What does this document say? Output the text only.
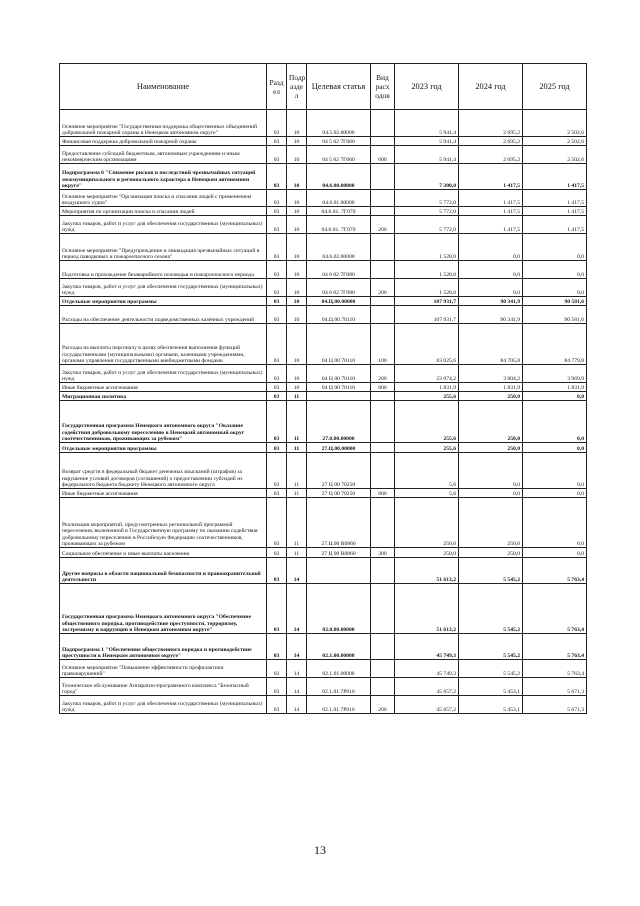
Наименование	Разд ел	Подр азде л	Целевая статья	Вид расх одов	2023 год	2024 год	2025 год
Основное мероприятие "Государственная поддержка общественных объединений добровольной пожарной охраны в Ненецком автономном округе"	03	10	04.5.02.00000		5 941,4	2 695,2	2 502,6
Финансовая поддержка добровольной пожарной охраны	03	10	04 5 02 7Г060		5 941,4	2 695,2	2 502,6
Предоставление субсидий бюджетным, автономным учреждениям и иным некоммерческим организациям	03	10	04 5 02 7Г060	600	5 941,4	2 695,2	2 502,6
Подпрограмма 6 "Снижение рисков и последствий чрезвычайных ситуаций межмуниципального и регионального характера в Ненецком автономном округе"	03	10	04.6.00.00000		7 300,0	1 417,5	1 417,5
Основное мероприятие "Организация поиска и спасания людей с применением воздушного судна"	03	10	04.6.01.00000		5 772,0	1 417,5	1 417,5
Мероприятия по организации поиска и спасания людей	03	10	04.6.01. 7Г070		5 772,0	1 417,5	1 417,5
Закупка товаров, работ и услуг для обеспечения государственных (муниципальных) нужд	03	10	04.6.01. 7Г070	200	5 772,0	1 417,5	1 417,5
Основное мероприятие "Предупреждение и ликвидация чрезвычайных ситуаций в период паводковых и пожароопасного сезона"	03	10	04.6.02.00000		1 528,0	0,0	0,0
Подготовка и прохождение безаварийного половодья и пожароопасного периода	03	10	04 6 02 7Г080		1 528,0	0,0	0,0
Закупка товаров, работ и услуг для обеспечения государственных (муниципальных) нужд	03	10	04 6 02 7Г080	200	1 528,0	0,0	0,0
Отдельные мероприятия программы	03	10	04.Ц.00.00000		107 931,7	90 341,9	90 581,6
Расходы на обеспечение деятельности подведомственных казённых учреждений	03	10	04.Ц.00.70110		107 931,7	90 341,9	90 581,6
Расходы на выплаты персоналу в целях обеспечения выполнения функций государственными (муниципальными) органами, казенными учреждениями, органами управления государственными внебюджетными фондами	03	10	04 Ц 00 70110	100	83 025,6	84 705,8	84 779,8
Закупка товаров, работ и услуг для обеспечения государственных (муниципальных) нужд	03	10	04 Ц 00 70110	200	23 074,2	3 804,2	3 969,9
Иные бюджетные ассигнования	03	10	04 Ц 00 70110	800	1 831,9	1 831,9	1 831,9
Миграционная политика	03	11			255,6	250,0	0,0
Государственная программа Ненецкого автономного округа "Оказание содействия добровольному переселению в Ненецкий автономный округ соотечественников, проживающих за рубежом"	03	11	27.0.00.00000		255,6	250,0	0,0
Отдельные мероприятия программы	03	11	27.Ц.00.00000		255,6	250,0	0,0
Возврат средств в федеральный бюджет денежных взысканий (штрафов) за нарушение условий договоров (соглашений) о предоставлении субсидий из федерального бюджета бюджету Ненецкого автономного округа	03	11	27 Ц 00 70250		5,6	0,0	0,0
Иные бюджетные ассигнования	03	11	27 Ц 00 70250	800	5,6	0,0	0,0
Реализация мероприятий, предусмотренных региональной программой переселения, включенной в Государственную программу по оказанию содействия добровольному переселению в Российскую Федерацию соотечественников, проживающих за рубежом	03	11	27.Ц.00 R0860		250,0	250,0	0,0
Социальное обеспечение и иные выплаты населению	03	11	27 Ц 00 R0860	300	250,0	250,0	0,0
Другие вопросы в области национальной безопасности и правоохранительной деятельности	03	14			51 613,2	5 545,2	5 763,4
Государственная программа Ненецкого автономного округа "Обеспечение общественного порядка, противодействие преступности, терроризму, экстремизму и коррупции в Ненецком автономном округе"	03	14	02.0.00.00000		51 613,2	5 545,2	5 763,4
Подпрограмма 1 "Обеспечение общественного порядка и противодействие преступности в Ненецком автономном округе"	03	14	02.1.00.00000		45 749,3	5 545,2	5 763,4
Основное мероприятие "Повышение эффективности профилактики правонарушений"	03	14	02.1.01.00000		45 749,3	5 545,2	5 763,4
Техническое обслуживание Аппаратно-программного комплекса "Безопасный город"	03	14	02.1.01.7Р010		45 657,2	5 453,1	5 671,3
Закупка товаров, работ и услуг для обеспечения государственных (муниципальных) нужд	03	14	02.1.01.7Р010	200	45 657,2	5 453,1	5 671,3
13
